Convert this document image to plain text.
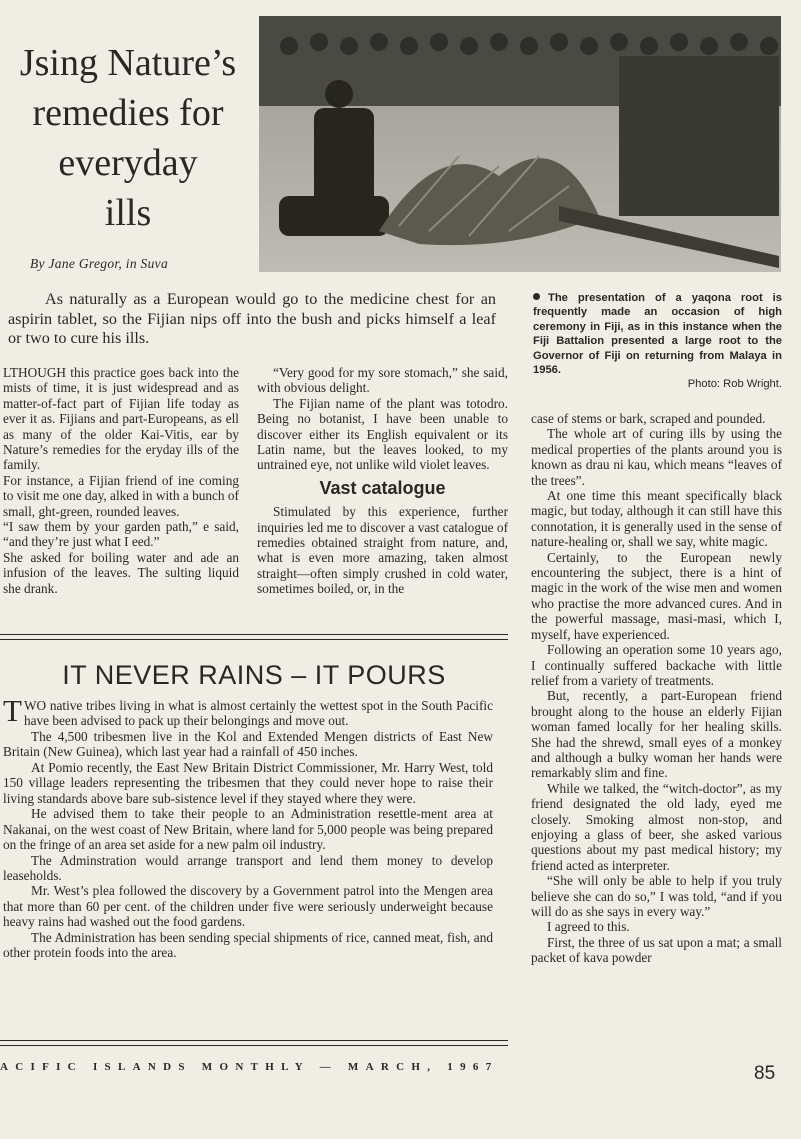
Jsing Nature’s
remedies for
everyday
ills
By Jane Gregor, in Suva
As naturally as a European would go to the medicine chest for an aspirin tablet, so the Fijian nips off into the bush and picks himself a leaf or two to cure his ills.

LTHOUGH this practice goes back into the mists of time, it is just widespread and as matter-of-fact part of Fijian life today as ever it as. Fijians and part-Europeans, as ell as many of the older Kai-Vitis, ear by Nature’s remedies for the eryday ills of the family.

For instance, a Fijian friend of ine coming to visit me one day, alked in with a bunch of small, ght-green, rounded leaves.

“I saw them by your garden path,” e said, “and they’re just what I eed.”

She asked for boiling water and ade an infusion of the leaves. The sulting liquid she drank.

“Very good for my sore stomach,” she said, with obvious delight.

The Fijian name of the plant was totodro. Being no botanist, I have been unable to discover either its English equivalent or its Latin name, but the leaves looked, to my untrained eye, not unlike wild violet leaves.

Vast catalogue

Stimulated by this experience, further inquiries led me to discover a vast catalogue of remedies obtained straight from nature, and, what is even more amazing, taken almost straight—often simply crushed in cold water, sometimes boiled, or, in the

The presentation of a yaqona root is frequently made an occasion of high ceremony in Fiji, as in this instance when the Fiji Battalion presented a large root to the Governor of Fiji on returning from Malaya in 1956.
Photo: Rob Wright.

case of stems or bark, scraped and pounded.

The whole art of curing ills by using the medical properties of the plants around you is known as drau ni kau, which means “leaves of the trees”.

At one time this meant specifically black magic, but today, although it can still have this connotation, it is generally used in the sense of nature-healing or, shall we say, white magic.

Certainly, to the European newly encountering the subject, there is a hint of magic in the work of the wise men and women who practise the more advanced cures. And in the powerful massage, masi-masi, which I, myself, have experienced.

Following an operation some 10 years ago, I continually suffered backache with little relief from a variety of treatments.

But, recently, a part-European friend brought along to the house an elderly Fijian woman famed locally for her healing skills. She had the shrewd, small eyes of a monkey and although a bulky woman her hands were remarkably slim and fine.

While we talked, the “witch-doctor”, as my friend designated the old lady, eyed me closely. Smoking almost non-stop, and enjoying a glass of beer, she asked various questions about my past medical history; my friend acted as interpreter.

“She will only be able to help if you truly believe she can do so,” I was told, “and if you will do as she says in every way.”

I agreed to this.

First, the three of us sat upon a mat; a small packet of kava powder

IT NEVER RAINS – IT POURS

TWO native tribes living in what is almost certainly the wettest spot in the South Pacific have been advised to pack up their belongings and move out.

The 4,500 tribesmen live in the Kol and Extended Mengen districts of East New Britain (New Guinea), which last year had a rainfall of 450 inches.

At Pomio recently, the East New Britain District Commissioner, Mr. Harry West, told 150 village leaders representing the tribesmen that they could never hope to raise their living standards above bare sub-sistence level if they stayed where they were.

He advised them to take their people to an Administration resettle-ment area at Nakanai, on the west coast of New Britain, where land for 5,000 people was being prepared on the fringe of an area set aside for a new palm oil industry.

The Adminstration would arrange transport and lend them money to develop leaseholds.

Mr. West’s plea followed the discovery by a Government patrol into the Mengen area that more than 60 per cent. of the children under five were seriously underweight because heavy rains had washed out the food gardens.

The Administration has been sending special shipments of rice, canned meat, fish, and other protein foods into the area.

ACIFIC ISLANDS MONTHLY — MARCH, 1967	85
